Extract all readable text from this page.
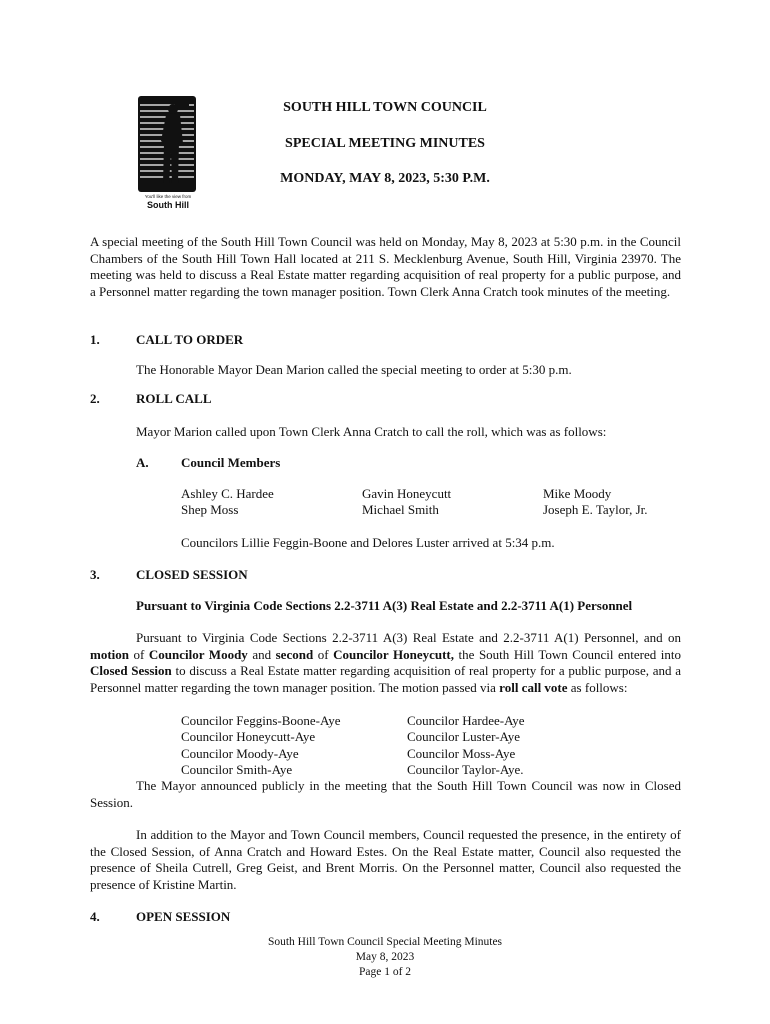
You'll like the view from
South Hill
SOUTH HILL TOWN COUNCIL
SPECIAL MEETING MINUTES
MONDAY, MAY 8, 2023, 5:30 P.M.
A special meeting of the South Hill Town Council was held on Monday, May 8, 2023 at 5:30 p.m. in the Council Chambers of the South Hill Town Hall located at 211 S. Mecklenburg Avenue, South Hill, Virginia 23970. The meeting was held to discuss a Real Estate matter regarding acquisition of real property for a public purpose, and a Personnel matter regarding the town manager position. Town Clerk Anna Cratch took minutes of the meeting.
1.	CALL TO ORDER
The Honorable Mayor Dean Marion called the special meeting to order at 5:30 p.m.
2.	ROLL CALL
Mayor Marion called upon Town Clerk Anna Cratch to call the roll, which was as follows:
A. Council Members
Ashley C. Hardee	Gavin Honeycutt	Mike Moody
Shep Moss	Michael Smith	Joseph E. Taylor, Jr.
Councilors Lillie Feggin-Boone and Delores Luster arrived at 5:34 p.m.
3.	CLOSED SESSION
Pursuant to Virginia Code Sections 2.2-3711 A(3) Real Estate and 2.2-3711 A(1) Personnel
Pursuant to Virginia Code Sections 2.2-3711 A(3) Real Estate and 2.2-3711 A(1) Personnel, and on motion of Councilor Moody and second of Councilor Honeycutt, the South Hill Town Council entered into Closed Session to discuss a Real Estate matter regarding acquisition of real property for a public purpose, and a Personnel matter regarding the town manager position. The motion passed via roll call vote as follows:
Councilor Feggins-Boone-Aye	Councilor Hardee-Aye
Councilor Honeycutt-Aye	Councilor Luster-Aye
Councilor Moody-Aye	Councilor Moss-Aye
Councilor Smith-Aye	Councilor Taylor-Aye.
The Mayor announced publicly in the meeting that the South Hill Town Council was now in Closed Session.
In addition to the Mayor and Town Council members, Council requested the presence, in the entirety of the Closed Session, of Anna Cratch and Howard Estes. On the Real Estate matter, Council also requested the presence of Sheila Cutrell, Greg Geist, and Brent Morris. On the Personnel matter, Council also requested the presence of Kristine Martin.
4.	OPEN SESSION
South Hill Town Council Special Meeting Minutes
May 8, 2023
Page 1 of 2
